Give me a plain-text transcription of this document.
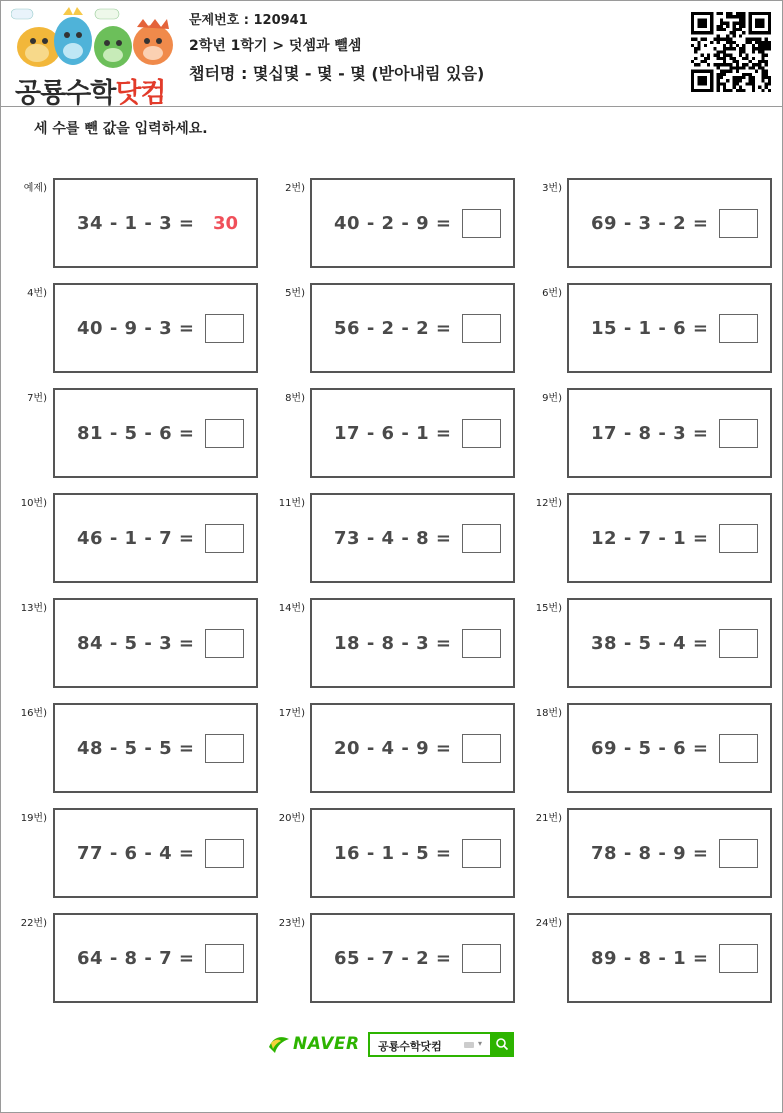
공룡수학닷컴
문제번호 : 120941
2학년 1학기 > 덧셈과 뺄셈
챕터명 : 몇십몇 - 몇 - 몇 (받아내림 있음)
세 수를 뺀 값을 입력하세요.
예제)
34 - 1 - 3 = 30
2번)
40 - 2 - 9 =
3번)
69 - 3 - 2 =
4번)
40 - 9 - 3 =
5번)
56 - 2 - 2 =
6번)
15 - 1 - 6 =
7번)
81 - 5 - 6 =
8번)
17 - 6 - 1 =
9번)
17 - 8 - 3 =
10번)
46 - 1 - 7 =
11번)
73 - 4 - 8 =
12번)
12 - 7 - 1 =
13번)
84 - 5 - 3 =
14번)
18 - 8 - 3 =
15번)
38 - 5 - 4 =
16번)
48 - 5 - 5 =
17번)
20 - 4 - 9 =
18번)
69 - 5 - 6 =
19번)
77 - 6 - 4 =
20번)
16 - 1 - 5 =
21번)
78 - 8 - 9 =
22번)
64 - 8 - 7 =
23번)
65 - 7 - 2 =
24번)
89 - 8 - 1 =
NAVER 공룡수학닷컴	▾
